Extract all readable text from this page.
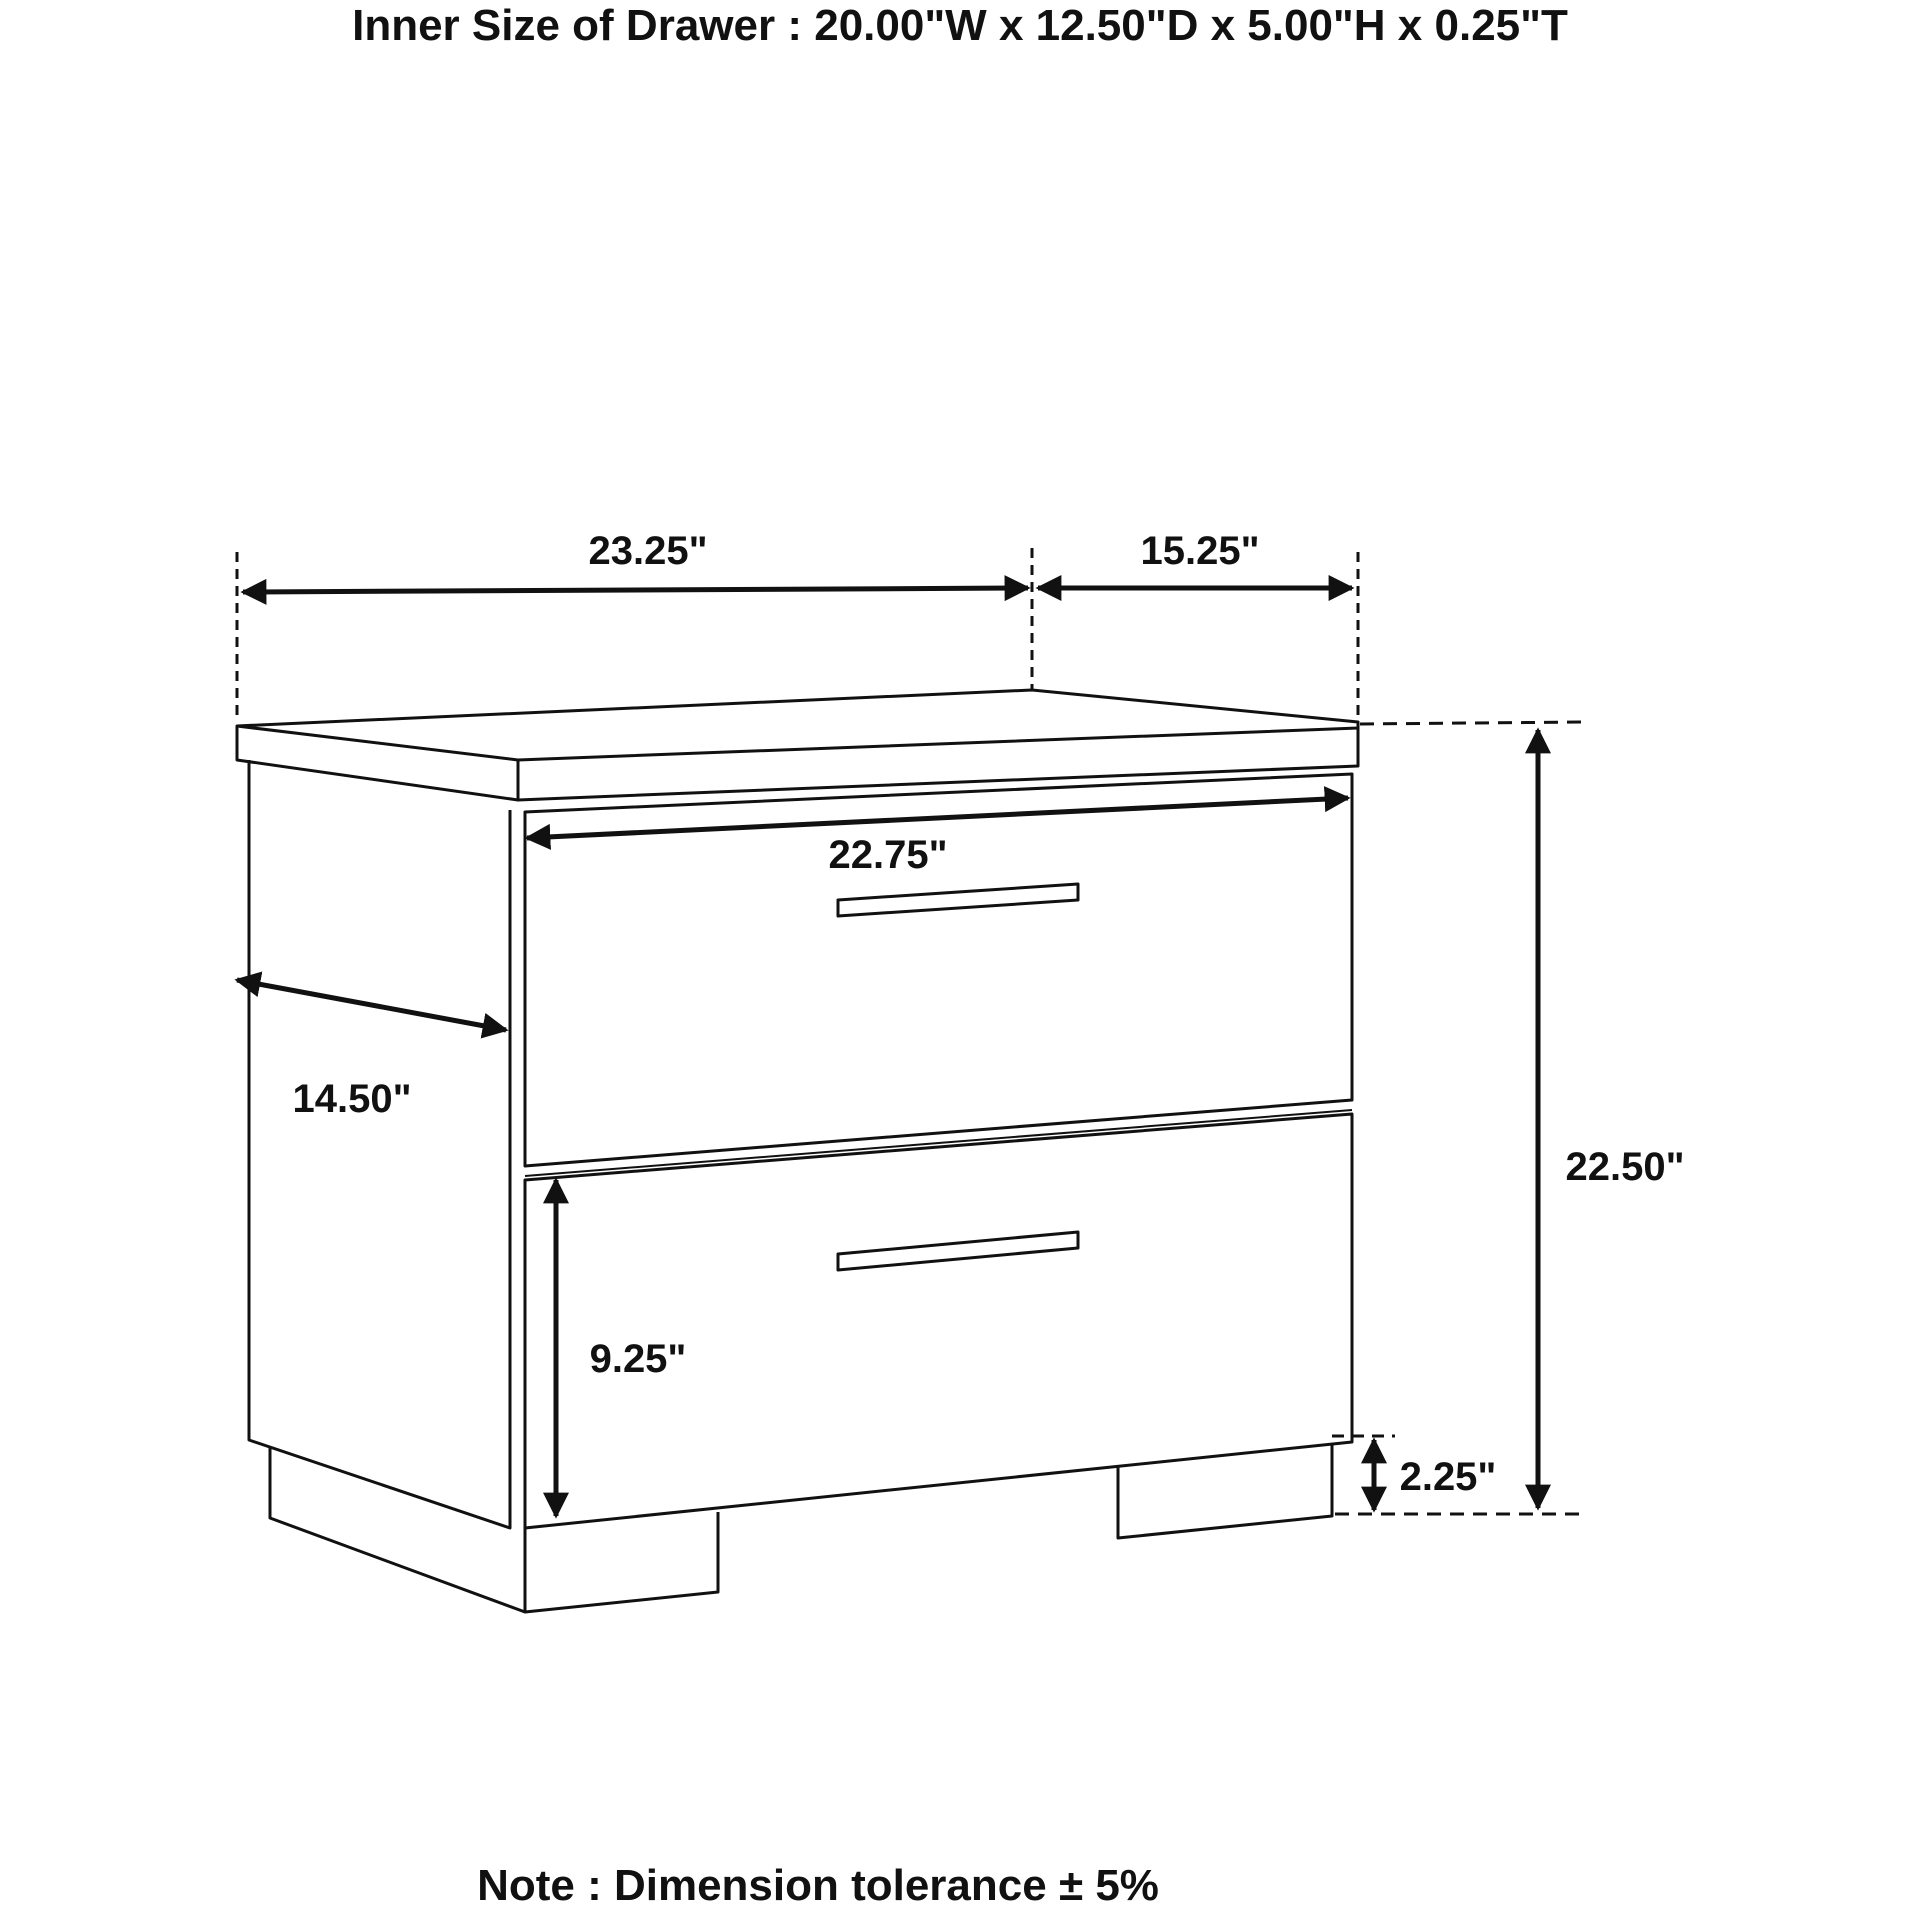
Inner Size of Drawer : 20.00"W x 12.50"D x 5.00"H x 0.25"T
23.25"	15.25"
22.75"
14.50"
22.50"
9.25"
2.25"
Note : Dimension tolerance ± 5%
